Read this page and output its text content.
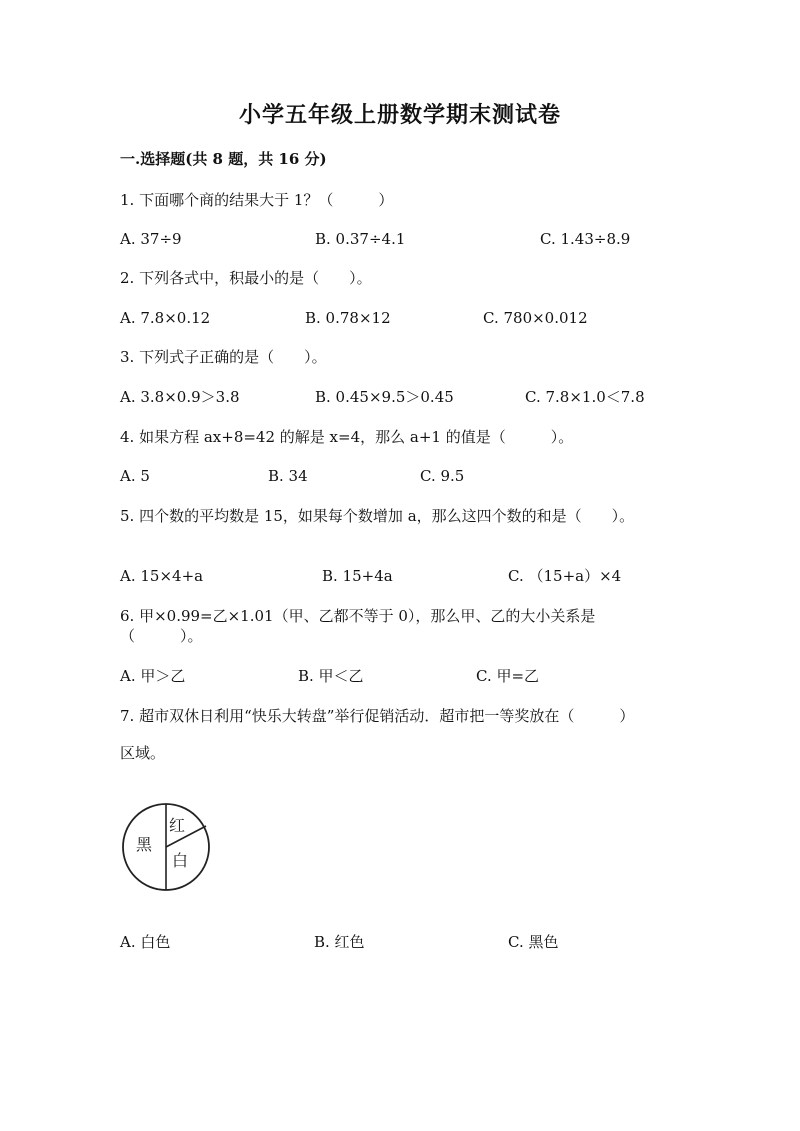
小学五年级上册数学期末测试卷
一.选择题(共 8 题，共 16 分)
1. 下面哪个商的结果大于 1？（　　　）
A. 37÷9	B. 0.37÷4.1	C. 1.43÷8.9
2. 下列各式中，积最小的是（　　）。
A. 7.8×0.12	B. 0.78×12	C. 780×0.012
3. 下列式子正确的是（　　）。
A. 3.8×0.9＞3.8	B. 0.45×9.5＞0.45	C. 7.8×1.0＜7.8
4. 如果方程 ax+8=42 的解是 x=4，那么 a+1 的值是（　　　）。
A. 5	B. 34	C. 9.5
5. 四个数的平均数是 15，如果每个数增加 a，那么这四个数的和是（　　）。
A. 15×4+a	B. 15+4a	C. （15+a）×4
6. 甲×0.99=乙×1.01（甲、乙都不等于 0），那么甲、乙的大小关系是
（　　　）。
A. 甲＞乙	B. 甲＜乙	C. 甲=乙
7. 超市双休日利用“快乐大转盘”举行促销活动．超市把一等奖放在（　　　）
区域。
黑
红
白
A. 白色	B. 红色	C. 黑色
